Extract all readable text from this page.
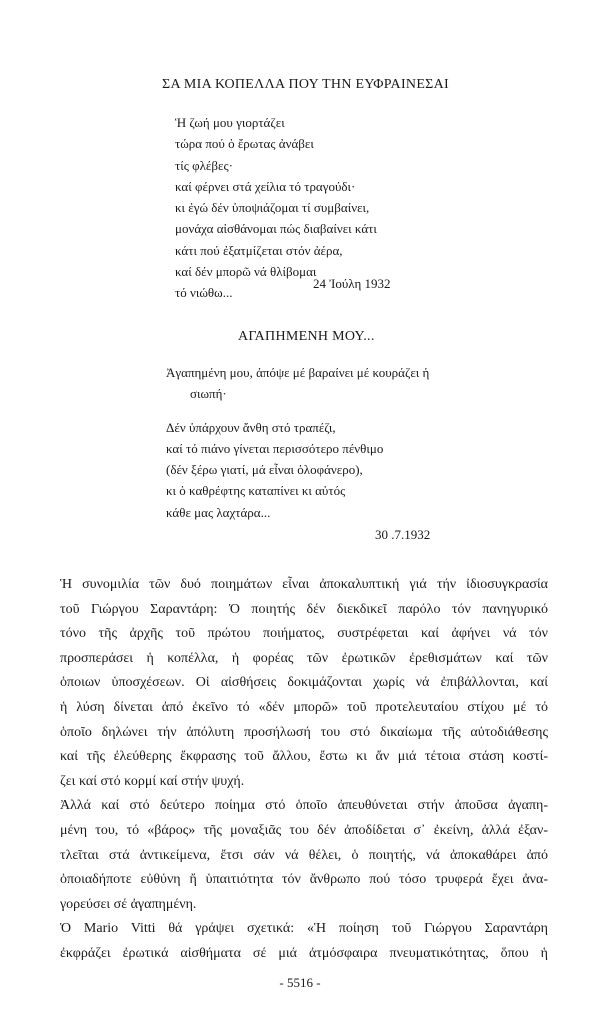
ΣΑ ΜΙΑ ΚΟΠΕΛΛΑ ΠΟΥ ΤΗΝ ΕΥΦΡΑΙΝΕΣΑΙ
Ἡ ζωή μου γιορτάζει
τώρα πού ὁ ἔρωτας ἀνάβει
τίς φλέβες·
καί φέρνει στά χείλια τό τραγούδι·
κι ἐγώ δέν ὑποψιάζομαι τί συμβαίνει,
μονάχα αἰσθάνομαι πώς διαβαίνει κάτι
κάτι πού ἐξατμίζεται στόν ἀέρα,
καί δέν μπορῶ νά θλίβομαι
τό νιώθω...
24 Ἰούλη 1932
ΑΓΑΠΗΜΕΝΗ ΜΟΥ...
Ἀγαπημένη μου, ἀπόψε μέ βαραίνει μέ κουράζει ἡ
σιωπή·
Δέν ὑπάρχουν ἄνθη στό τραπέζι,
καί τό πιάνο γίνεται περισσότερο πένθιμο
(δέν ξέρω γιατί, μά εἶναι ὁλοφάνερο),
κι ὁ καθρέφτης καταπίνει κι αὐτός
κάθε μας λαχτάρα...
30 .7.1932
Ἡ συνομιλία τῶν δυό ποιημάτων εἶναι ἀποκαλυπτική γιά τήν ἰδιοσυγκρασία
τοῦ Γιώργου Σαραντάρη: Ὁ ποιητής δέν διεκδικεῖ παρόλο τόν πανηγυρικό
τόνο τῆς ἀρχῆς τοῦ πρώτου ποιήματος, συστρέφεται καί ἀφήνει νά τόν
προσπεράσει ἡ κοπέλλα, ἡ φορέας τῶν ἐρωτικῶν ἐρεθισμάτων καί τῶν
ὁποιων ὑποσχέσεων. Οἱ αἰσθήσεις δοκιμάζονται χωρίς νά ἐπιβάλλονται, καί
ἡ λύση δίνεται ἀπό ἐκεῖνο τό «δέν μπορῶ» τοῦ προτελευταίου στίχου μέ τό
ὁποῖο δηλώνει τήν ἀπόλυτη προσήλωσή του στό δικαίωμα τῆς αὐτοδιάθεσης
καί τῆς ἐλεύθερης ἔκφρασης τοῦ ἄλλου, ἔστω κι ἄν μιά τέτοια στάση κοστί-
ζει καί στό κορμί καί στήν ψυχή.
Ἀλλά καί στό δεύτερο ποίημα στό ὁποῖο ἀπευθύνεται στήν ἀποῦσα ἀγαπη-
μένη του, τό «βάρος» τῆς μοναξιᾶς του δέν ἀποδίδεται σ᾽ ἐκείνη, ἀλλά ἐξαν-
τλεῖται στά ἀντικείμενα, ἔτσι σάν νά θέλει, ὁ ποιητής, νά ἀποκαθάρει ἀπό
ὁποιαδήποτε εὐθύνη ἤ ὑπαιτιότητα τόν ἄνθρωπο πού τόσο τρυφερά ἔχει ἀνα-
γορεύσει σέ ἀγαπημένη.
Ὁ Mario Vitti θά γράψει σχετικά: «Ἡ ποίηση τοῦ Γιώργου Σαραντάρη
ἐκφράζει ἐρωτικά αἰσθήματα σέ μιά ἀτμόσφαιρα πνευματικότητας, ὅπου ἡ
- 5516 -
